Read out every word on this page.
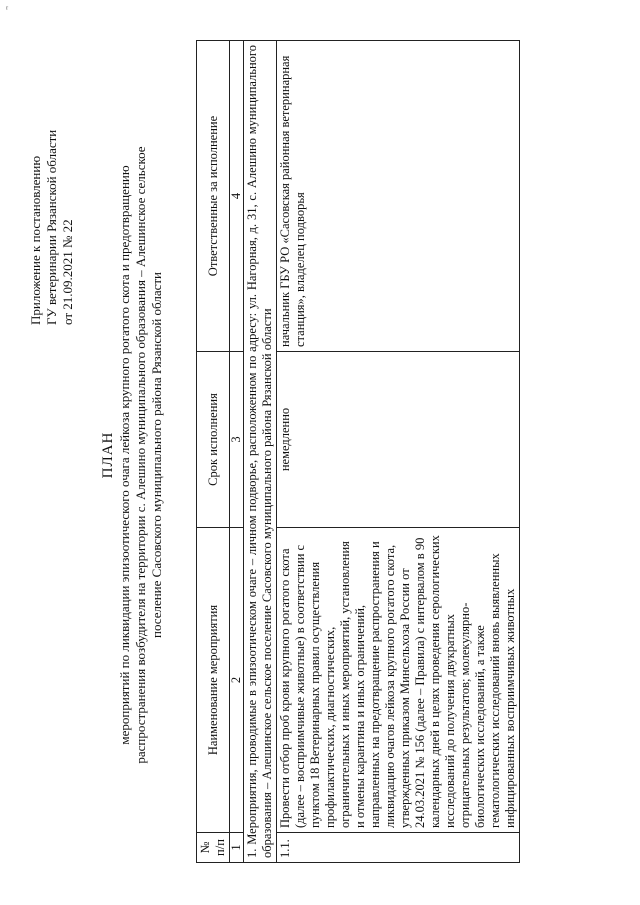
ʳ
Приложение к постановлению ГУ ветеринарии Рязанской области от 21.09.2021 № 22
ПЛАН мероприятий по ликвидации эпизоотического очага лейкоза крупного рогатого скота и предотвращению распространения возбудителя на территории с. Алешино муниципального образования – Алешинское сельское поселение Сасовского муниципального района Рязанской области
№ п/п	Наименование мероприятия	Срок исполнения	Ответственные за исполнение
1	2	3	4
1. Мероприятия, проводимые в эпизоотическом очаге – личном подворье, расположенном по адресу: ул. Нагорная, д. 31, с. Алешино муниципального образования – Алешинское сельское поселение Сасовского муниципального района Рязанской области			
1.1.	Провести отбор проб крови крупного рогатого скота (далее – восприимчивые животные) в соответствии с пунктом 18 Ветеринарных правил осуществления профилактических, диагностических, ограничительных и иных мероприятий, установления и отмены карантина и иных ограничений, направленных на предотвращение распространения и ликвидацию очагов лейкоза крупного рогатого скота, утвержденных приказом Минсельхоза России от 24.03.2021 № 156 (далее – Правила) с интервалом в 90 календарных дней в целях проведения серологических исследований до получения двукратных отрицательных результатов; молекулярно-биологических исследований, а также гематологических исследований вновь выявленных инфицированных восприимчивых животных	немедленно	начальник ГБУ РО «Сасовская районная ветеринарная станция», владелец подворья
